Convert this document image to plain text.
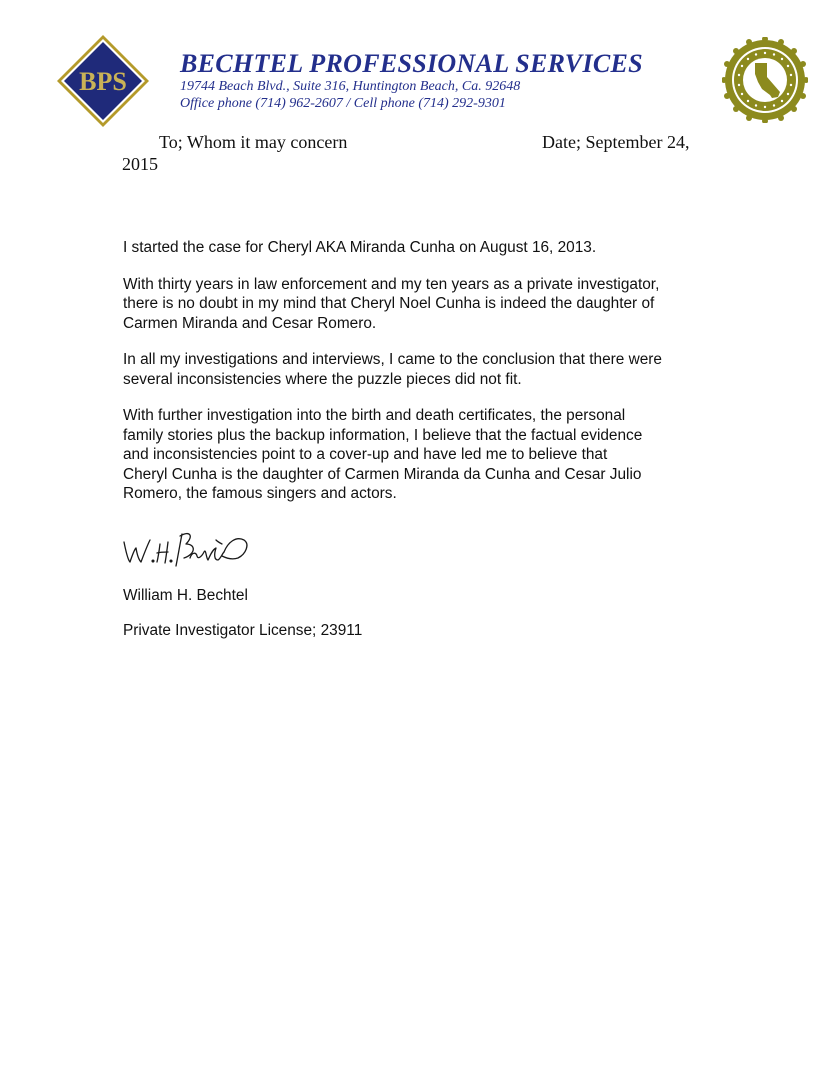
BPS
BECHTEL PROFESSIONAL SERVICES
19744 Beach Blvd., Suite 316, Huntington Beach, Ca. 92648
Office phone (714) 962-2607 / Cell phone (714) 292-9301
To; Whom it may concern	Date; September 24,
2015

I started the case for Cheryl AKA Miranda Cunha on August 16, 2013.

With thirty years in law enforcement and my ten years as a private investigator,
there is no doubt in my mind that Cheryl Noel Cunha is indeed the daughter of
Carmen Miranda and Cesar Romero.

In all my investigations and interviews, I came to the conclusion that there were
several inconsistencies where the puzzle pieces did not fit.

With further investigation into the birth and death certificates, the personal
family stories plus the backup information, I believe that the factual evidence
and inconsistencies point to a cover-up and have led me to believe that
Cheryl Cunha is the daughter of Carmen Miranda da Cunha and Cesar Julio
Romero, the famous singers and actors.

William H. Bechtel
Private Investigator License; 23911
